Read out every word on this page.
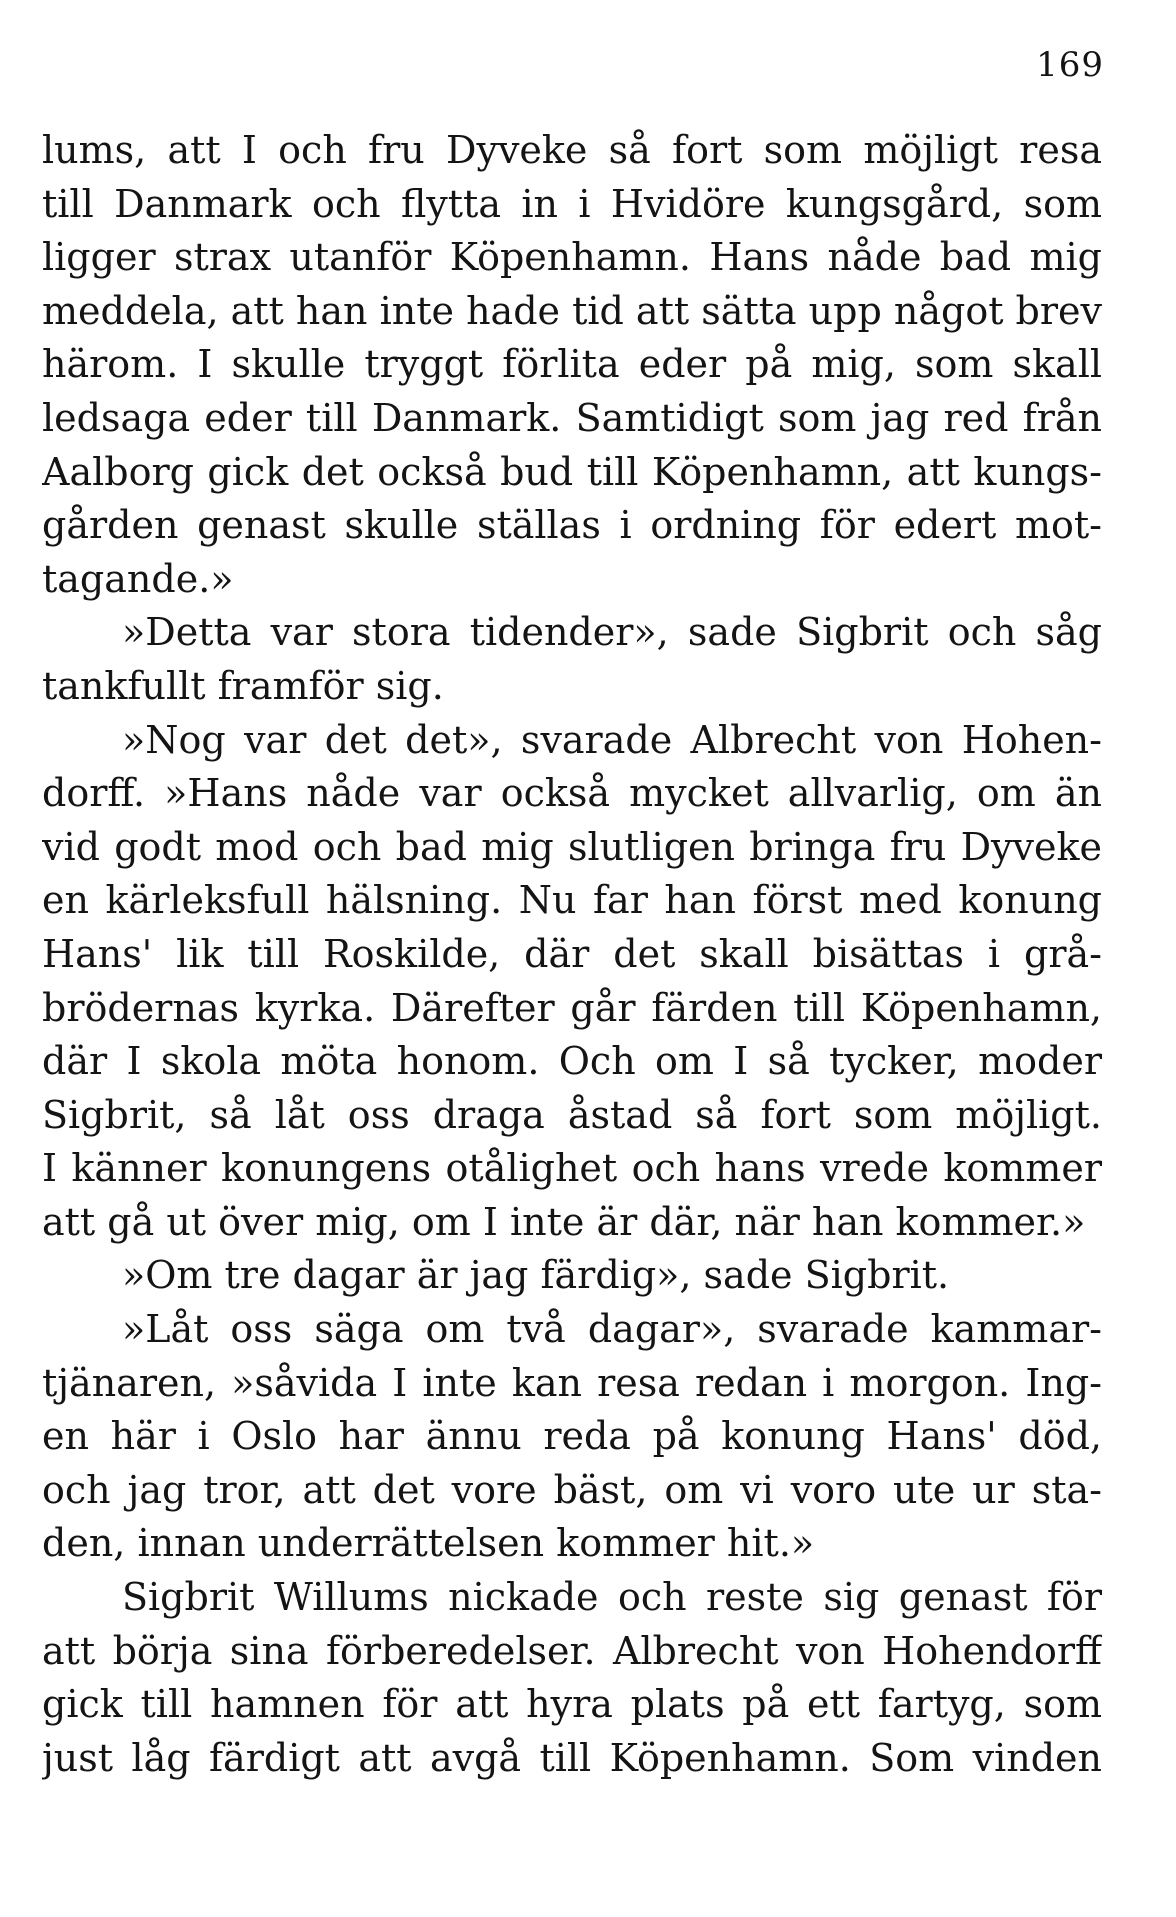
169
lums, att I och fru Dyveke så fort som möjligt resa
till Danmark och flytta in i Hvidöre kungsgård, som
ligger strax utanför Köpenhamn. Hans nåde bad mig
meddela, att han inte hade tid att sätta upp något brev
härom. I skulle tryggt förlita eder på mig, som skall
ledsaga eder till Danmark. Samtidigt som jag red från
Aalborg gick det också bud till Köpenhamn, att kungs-
gården genast skulle ställas i ordning för edert mot-
tagande.»
»Detta var stora tidender», sade Sigbrit och såg
tankfullt framför sig.
»Nog var det det», svarade Albrecht von Hohen-
dorff. »Hans nåde var också mycket allvarlig, om än
vid godt mod och bad mig slutligen bringa fru Dyveke
en kärleksfull hälsning. Nu far han först med konung
Hans' lik till Roskilde, där det skall bisättas i grå-
brödernas kyrka. Därefter går färden till Köpenhamn,
där I skola möta honom. Och om I så tycker, moder
Sigbrit, så låt oss draga åstad så fort som möjligt.
I känner konungens otålighet och hans vrede kommer
att gå ut över mig, om I inte är där, när han kommer.»
»Om tre dagar är jag färdig», sade Sigbrit.
»Låt oss säga om två dagar», svarade kammar-
tjänaren, »såvida I inte kan resa redan i morgon. Ing-
en här i Oslo har ännu reda på konung Hans' död,
och jag tror, att det vore bäst, om vi voro ute ur sta-
den, innan underrättelsen kommer hit.»
Sigbrit Willums nickade och reste sig genast för
att börja sina förberedelser. Albrecht von Hohendorff
gick till hamnen för att hyra plats på ett fartyg, som
just låg färdigt att avgå till Köpenhamn. Som vinden
